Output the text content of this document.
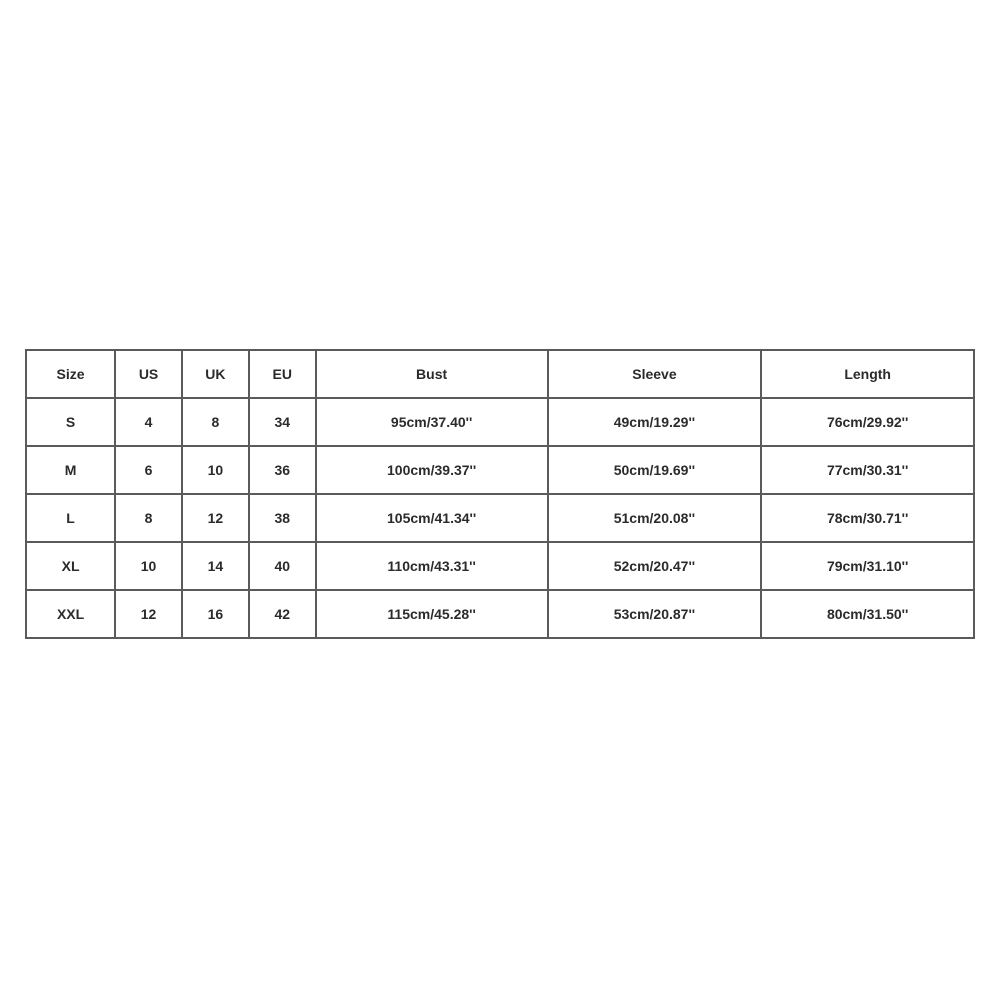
Size	US	UK	EU	Bust	Sleeve	Length
S	4	8	34	95cm/37.40''	49cm/19.29''	76cm/29.92''
M	6	10	36	100cm/39.37''	50cm/19.69''	77cm/30.31''
L	8	12	38	105cm/41.34''	51cm/20.08''	78cm/30.71''
XL	10	14	40	110cm/43.31''	52cm/20.47''	79cm/31.10''
XXL	12	16	42	115cm/45.28''	53cm/20.87''	80cm/31.50''
